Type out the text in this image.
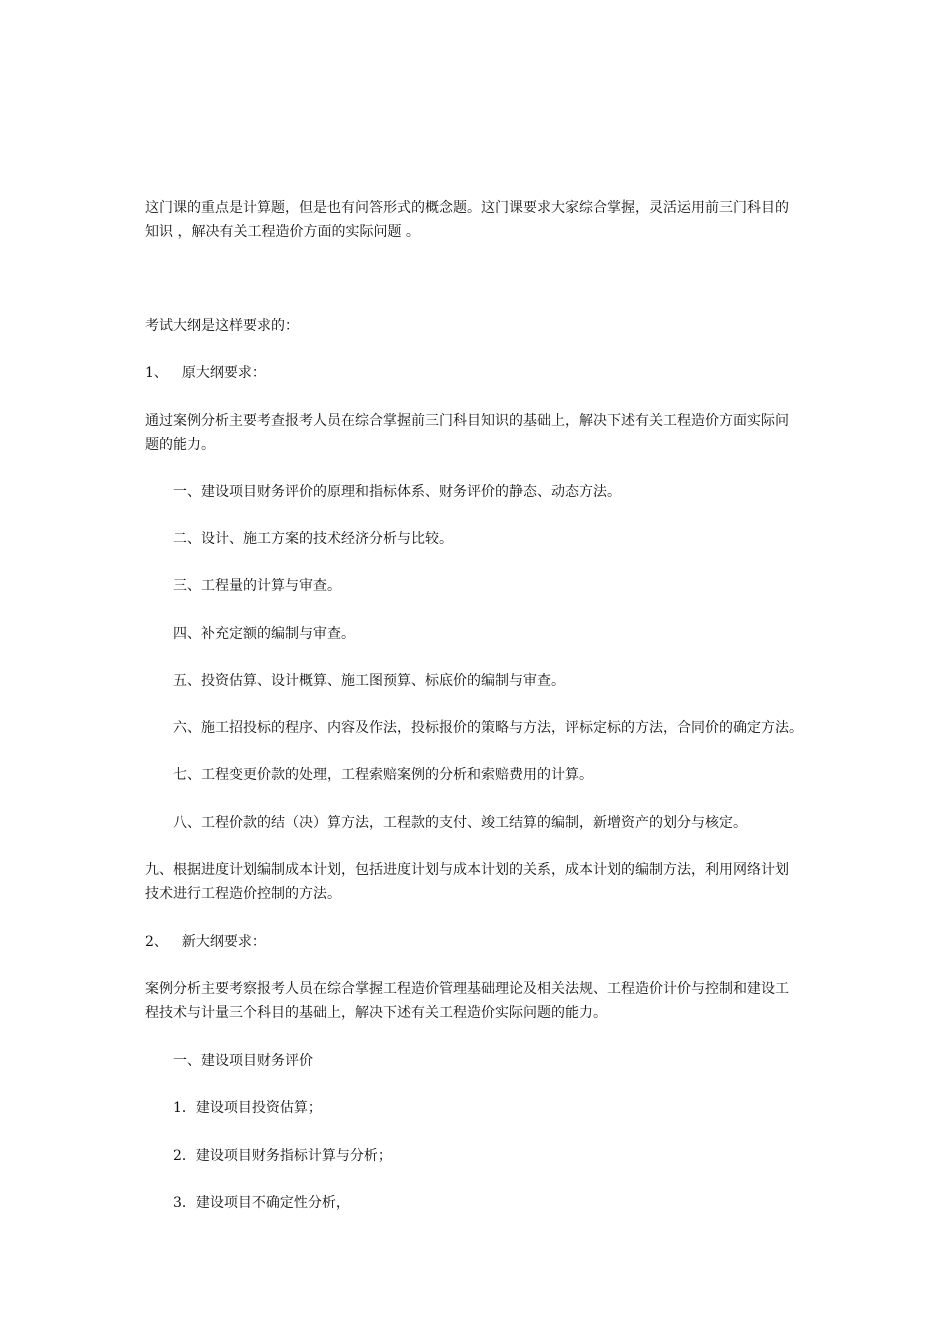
这门课的重点是计算题，但是也有问答形式的概念题。这门课要求大家综合掌握，灵活运用前三门科目的

知识 ，解决有关工程造价方面的实际问题 。

考试大纲是这样要求的：

1、 原大纲要求：

通过案例分析主要考查报考人员在综合掌握前三门科目知识的基础上，解决下述有关工程造价方面实际问

题的能力。

一、建设项目财务评价的原理和指标体系、财务评价的静态、动态方法。

二、设计、施工方案的技术经济分析与比较。

三、工程量的计算与审查。

四、补充定额的编制与审查。

五、投资估算、设计概算、施工图预算、标底价的编制与审查。

六、施工招投标的程序、内容及作法，投标报价的策略与方法，评标定标的方法，合同价的确定方法。

七、工程变更价款的处理，工程索赔案例的分析和索赔费用的计算。

八、工程价款的结（决）算方法，工程款的支付、竣工结算的编制，新增资产的划分与核定。

九、根据进度计划编制成本计划，包括进度计划与成本计划的关系，成本计划的编制方法，利用网络计划

技术进行工程造价控制的方法。

2、 新大纲要求：

案例分析主要考察报考人员在综合掌握工程造价管理基础理论及相关法规、工程造价计价与控制和建设工

程技术与计量三个科目的基础上，解决下述有关工程造价实际问题的能力。

一、建设项目财务评价

1．建设项目投资估算；

2．建设项目财务指标计算与分析；

3．建设项目不确定性分析，
